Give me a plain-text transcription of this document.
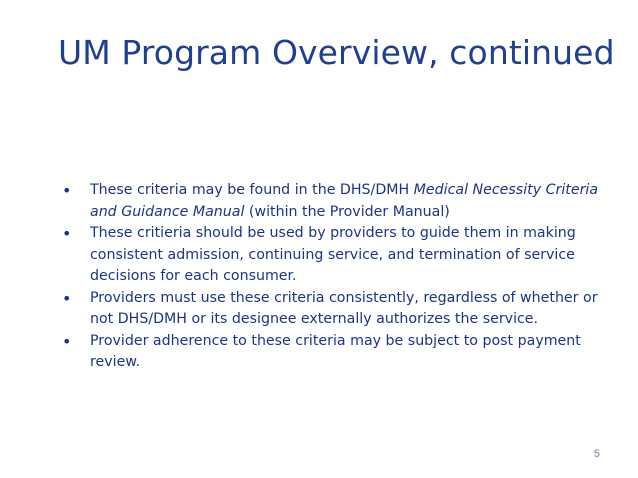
UM Program Overview, continued
•	These criteria may be found in the DHS/DMH Medical Necessity Criteria and Guidance Manual (within the Provider Manual)
•	These critieria should be used by providers to guide them in making consistent admission, continuing service, and termination of service decisions for each consumer.
•	Providers must use these criteria consistently, regardless of whether or not DHS/DMH or its designee externally authorizes the service.
•	Provider adherence to these criteria may be subject to post payment review.
5
